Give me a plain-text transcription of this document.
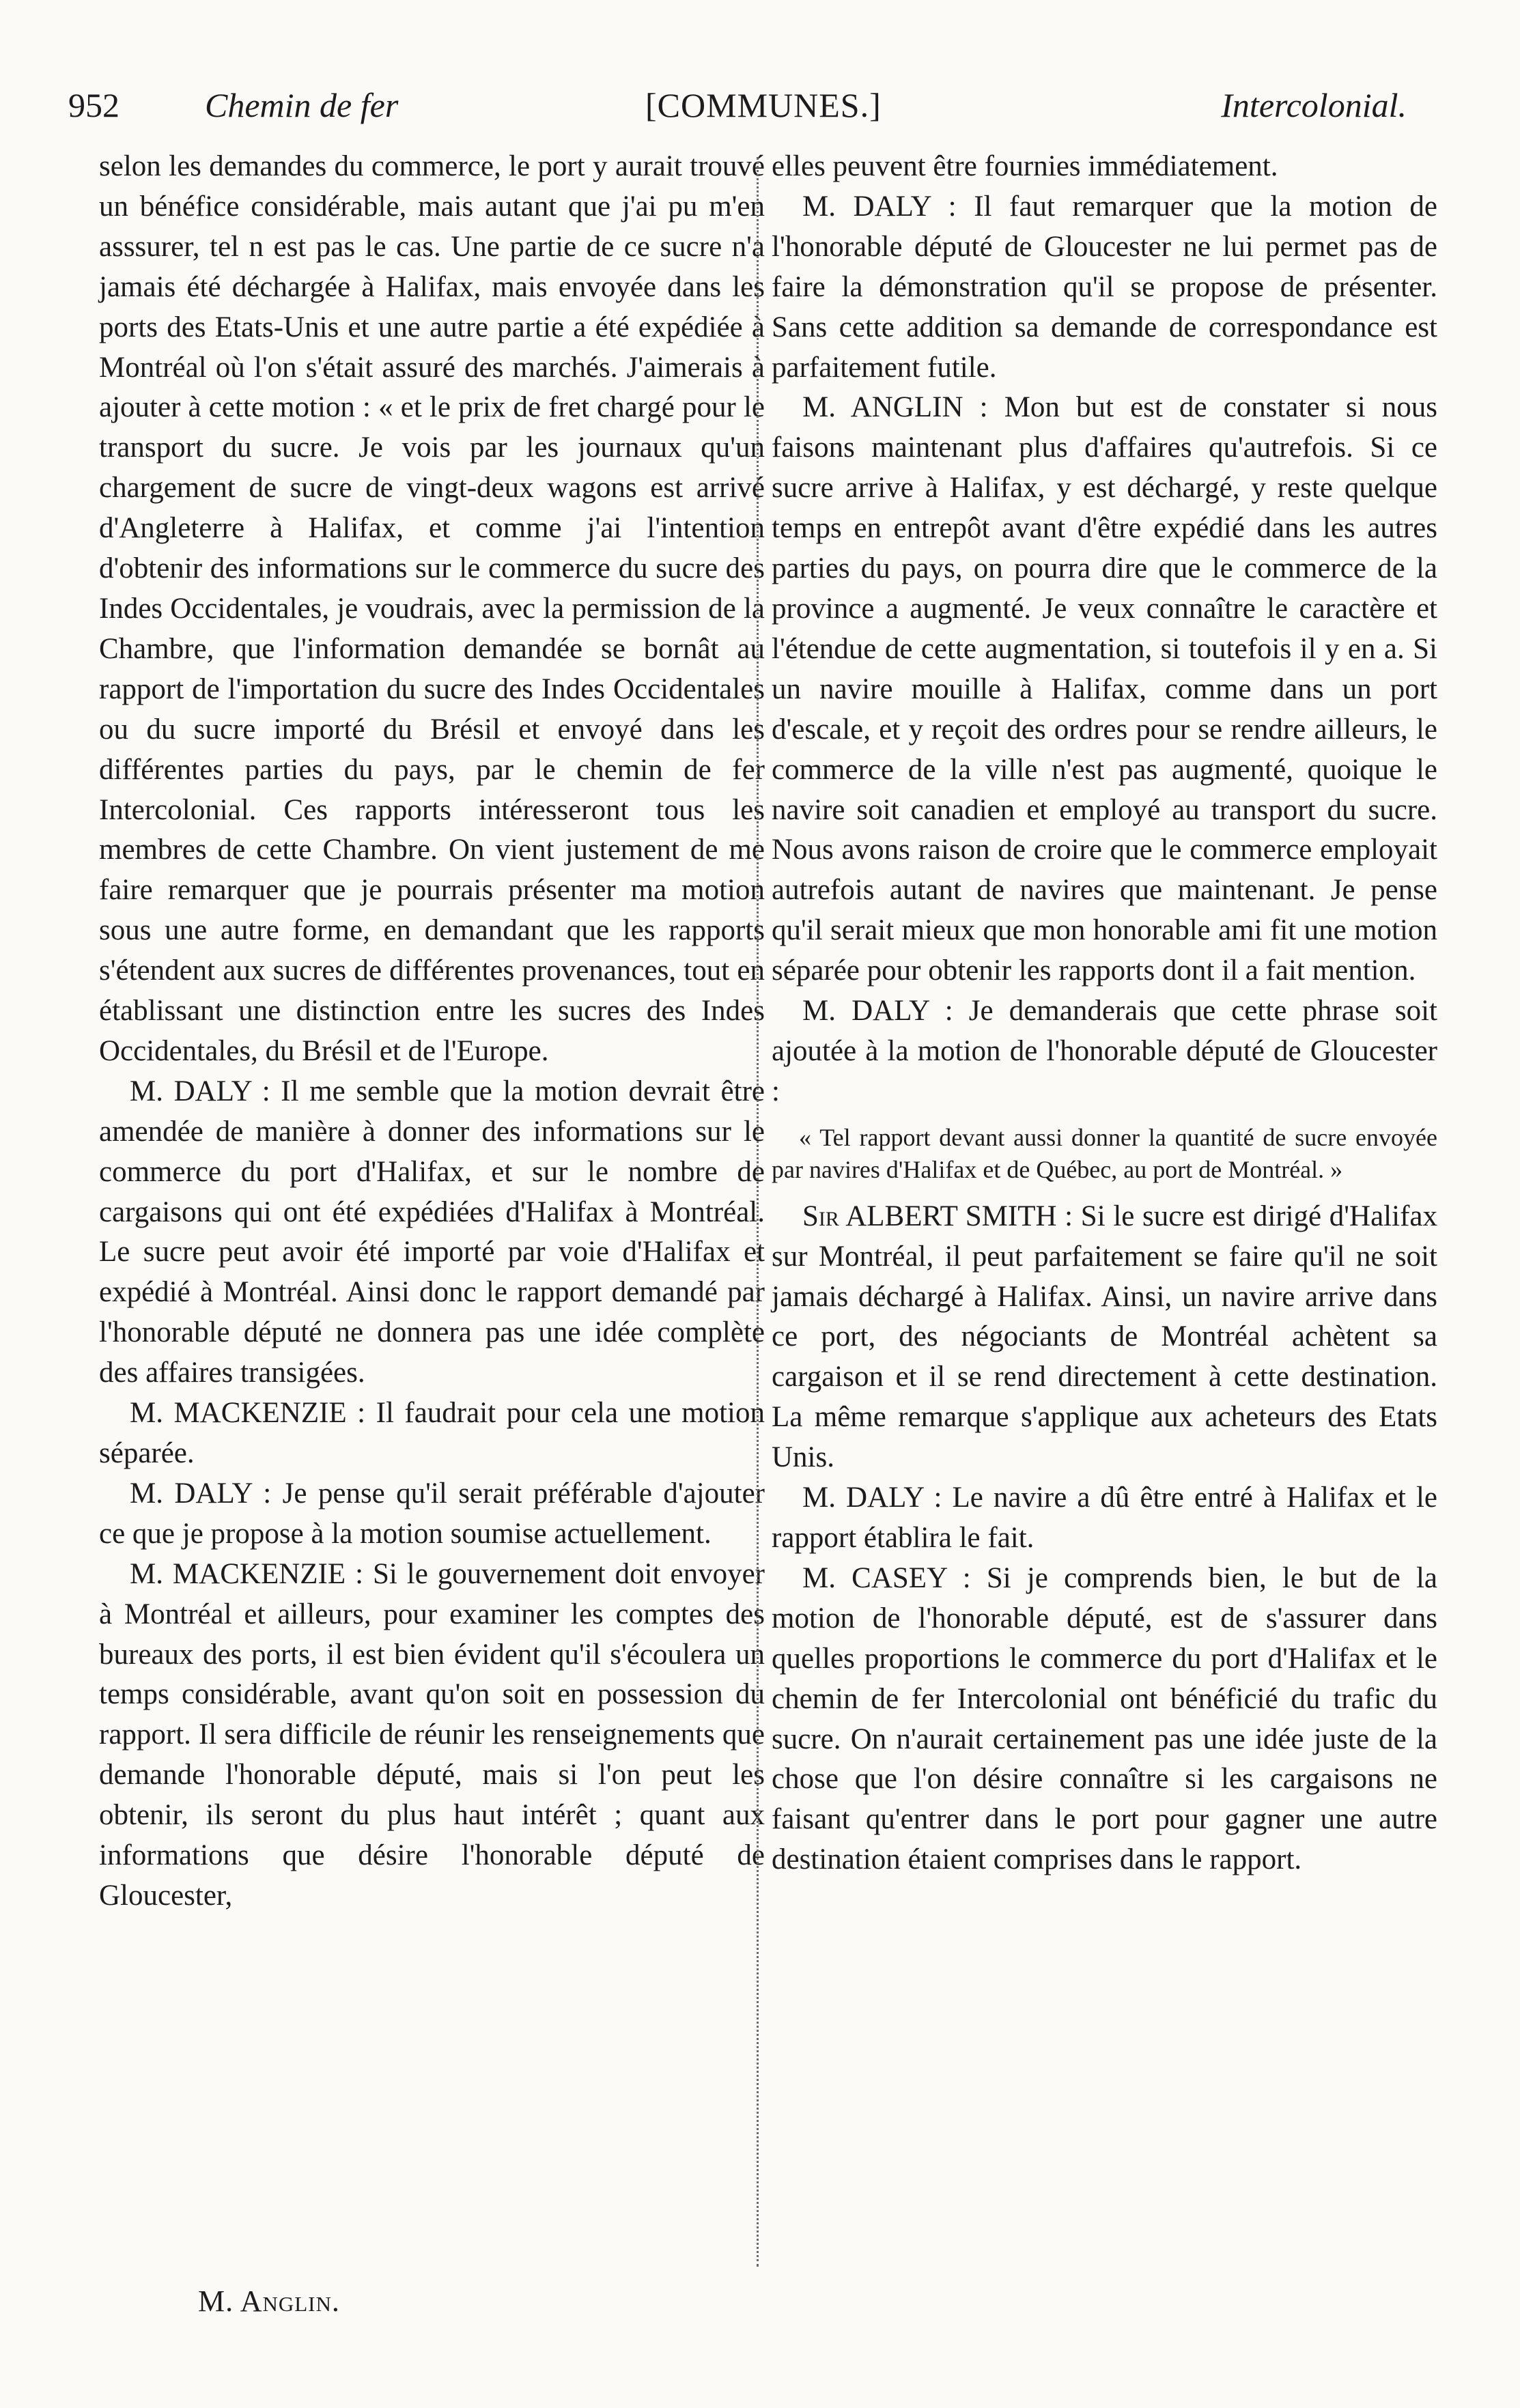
952	Chemin de fer	[COMMUNES.]	Intercolonial.

selon les demandes du commerce, le port y aurait trouvé un bénéfice considérable, mais autant que j'ai pu m'en asssurer, tel n est pas le cas. Une partie de ce sucre n'a jamais été déchargée à Halifax, mais envoyée dans les ports des Etats-Unis et une autre partie a été expédiée à Montréal où l'on s'était assuré des marchés. J'aimerais à ajouter à cette motion : « et le prix de fret chargé pour le transport du sucre. Je vois par les journaux qu'un chargement de sucre de vingt-deux wagons est arrivé d'Angleterre à Halifax, et comme j'ai l'intention d'obtenir des informations sur le commerce du sucre des Indes Occidentales, je voudrais, avec la permission de la Chambre, que l'information demandée se bornât au rapport de l'importation du sucre des Indes Occidentales ou du sucre importé du Brésil et envoyé dans les différentes parties du pays, par le chemin de fer Intercolonial. Ces rapports intéresseront tous les membres de cette Chambre. On vient justement de me faire remarquer que je pourrais présenter ma motion sous une autre forme, en demandant que les rapports s'étendent aux sucres de différentes provenances, tout en établissant une distinction entre les sucres des Indes Occidentales, du Brésil et de l'Europe.

M. DALY : Il me semble que la motion devrait être amendée de manière à donner des informations sur le commerce du port d'Halifax, et sur le nombre de cargaisons qui ont été expédiées d'Halifax à Montréal. Le sucre peut avoir été importé par voie d'Halifax et expédié à Montréal. Ainsi donc le rapport demandé par l'honorable député ne donnera pas une idée complète des affaires transigées.

M. MACKENZIE : Il faudrait pour cela une motion séparée.

M. DALY : Je pense qu'il serait préférable d'ajouter ce que je propose à la motion soumise actuellement.

M. MACKENZIE : Si le gouvernement doit envoyer à Montréal et ailleurs, pour examiner les comptes des bureaux des ports, il est bien évident qu'il s'écoulera un temps considérable, avant qu'on soit en possession du rapport. Il sera difficile de réunir les renseignements que demande l'honorable député, mais si l'on peut les obtenir, ils seront du plus haut intérêt ; quant aux informations que désire l'honorable député de Gloucester,

elles peuvent être fournies immédiatement.

M. DALY : Il faut remarquer que la motion de l'honorable député de Gloucester ne lui permet pas de faire la démonstration qu'il se propose de présenter. Sans cette addition sa demande de correspondance est parfaitement futile.

M. ANGLIN : Mon but est de constater si nous faisons maintenant plus d'affaires qu'autrefois. Si ce sucre arrive à Halifax, y est déchargé, y reste quelque temps en entrepôt avant d'être expédié dans les autres parties du pays, on pourra dire que le commerce de la province a augmenté. Je veux connaître le caractère et l'étendue de cette augmentation, si toutefois il y en a. Si un navire mouille à Halifax, comme dans un port d'escale, et y reçoit des ordres pour se rendre ailleurs, le commerce de la ville n'est pas augmenté, quoique le navire soit canadien et employé au transport du sucre. Nous avons raison de croire que le commerce employait autrefois autant de navires que maintenant. Je pense qu'il serait mieux que mon honorable ami fit une motion séparée pour obtenir les rapports dont il a fait mention.

M. DALY : Je demanderais que cette phrase soit ajoutée à la motion de l'honorable député de Gloucester :

« Tel rapport devant aussi donner la quantité de sucre envoyée par navires d'Halifax et de Québec, au port de Montréal. »

Sir ALBERT SMITH : Si le sucre est dirigé d'Halifax sur Montréal, il peut parfaitement se faire qu'il ne soit jamais déchargé à Halifax. Ainsi, un navire arrive dans ce port, des négociants de Montréal achètent sa cargaison et il se rend directement à cette destination. La même remarque s'applique aux acheteurs des Etats Unis.

M. DALY : Le navire a dû être entré à Halifax et le rapport établira le fait.

M. CASEY : Si je comprends bien, le but de la motion de l'honorable député, est de s'assurer dans quelles proportions le commerce du port d'Halifax et le chemin de fer Intercolonial ont bénéficié du trafic du sucre. On n'aurait certainement pas une idée juste de la chose que l'on désire connaître si les cargaisons ne faisant qu'entrer dans le port pour gagner une autre destination étaient comprises dans le rapport.

M. Anglin.
